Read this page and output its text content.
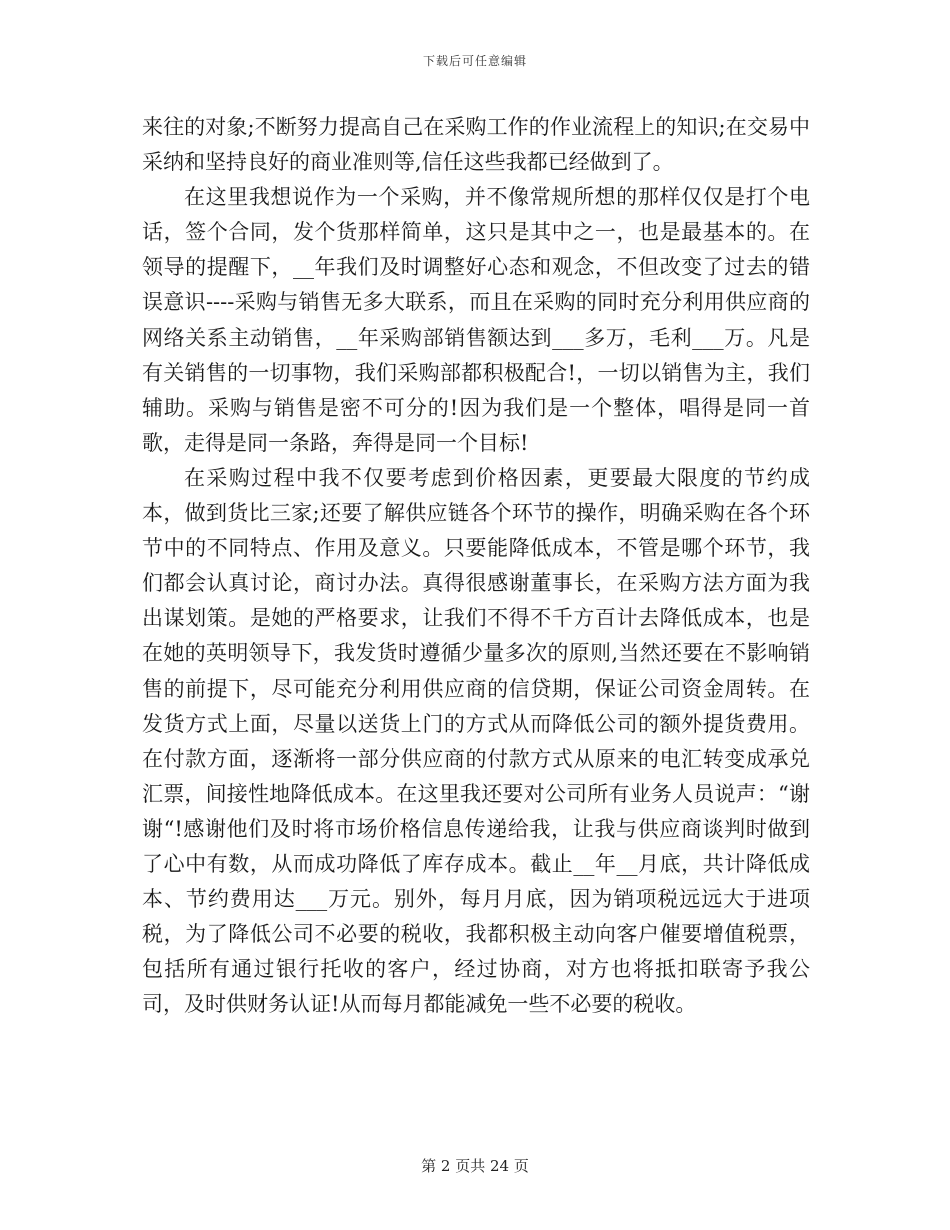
下载后可任意编辑

来往的对象;不断努力提高自己在采购工作的作业流程上的知识;在交易中采纳和坚持良好的商业准则等,信任这些我都已经做到了。

在这里我想说作为一个采购，并不像常规所想的那样仅仅是打个电话，签个合同，发个货那样简单，这只是其中之一，也是最基本的。在领导的提醒下，__年我们及时调整好心态和观念，不但改变了过去的错误意识----采购与销售无多大联系，而且在采购的同时充分利用供应商的网络关系主动销售，__年采购部销售额达到___多万，毛利___万。凡是有关销售的一切事物，我们采购部都积极配合!，一切以销售为主，我们辅助。采购与销售是密不可分的!因为我们是一个整体，唱得是同一首歌，走得是同一条路，奔得是同一个目标!

在采购过程中我不仅要考虑到价格因素，更要最大限度的节约成本，做到货比三家;还要了解供应链各个环节的操作，明确采购在各个环节中的不同特点、作用及意义。只要能降低成本，不管是哪个环节，我们都会认真讨论，商讨办法。真得很感谢董事长，在采购方法方面为我出谋划策。是她的严格要求，让我们不得不千方百计去降低成本，也是在她的英明领导下，我发货时遵循少量多次的原则,当然还要在不影响销售的前提下，尽可能充分利用供应商的信贷期，保证公司资金周转。在发货方式上面，尽量以送货上门的方式从而降低公司的额外提货费用。在付款方面，逐渐将一部分供应商的付款方式从原来的电汇转变成承兑汇票，间接性地降低成本。在这里我还要对公司所有业务人员说声：“谢谢“!感谢他们及时将市场价格信息传递给我，让我与供应商谈判时做到了心中有数，从而成功降低了库存成本。截止__年__月底，共计降低成本、节约费用达___万元。别外，每月月底，因为销项税远远大于进项税，为了降低公司不必要的税收，我都积极主动向客户催要增值税票，包括所有通过银行托收的客户，经过协商，对方也将抵扣联寄予我公司，及时供财务认证!从而每月都能减免一些不必要的税收。

第 2 页共 24 页
